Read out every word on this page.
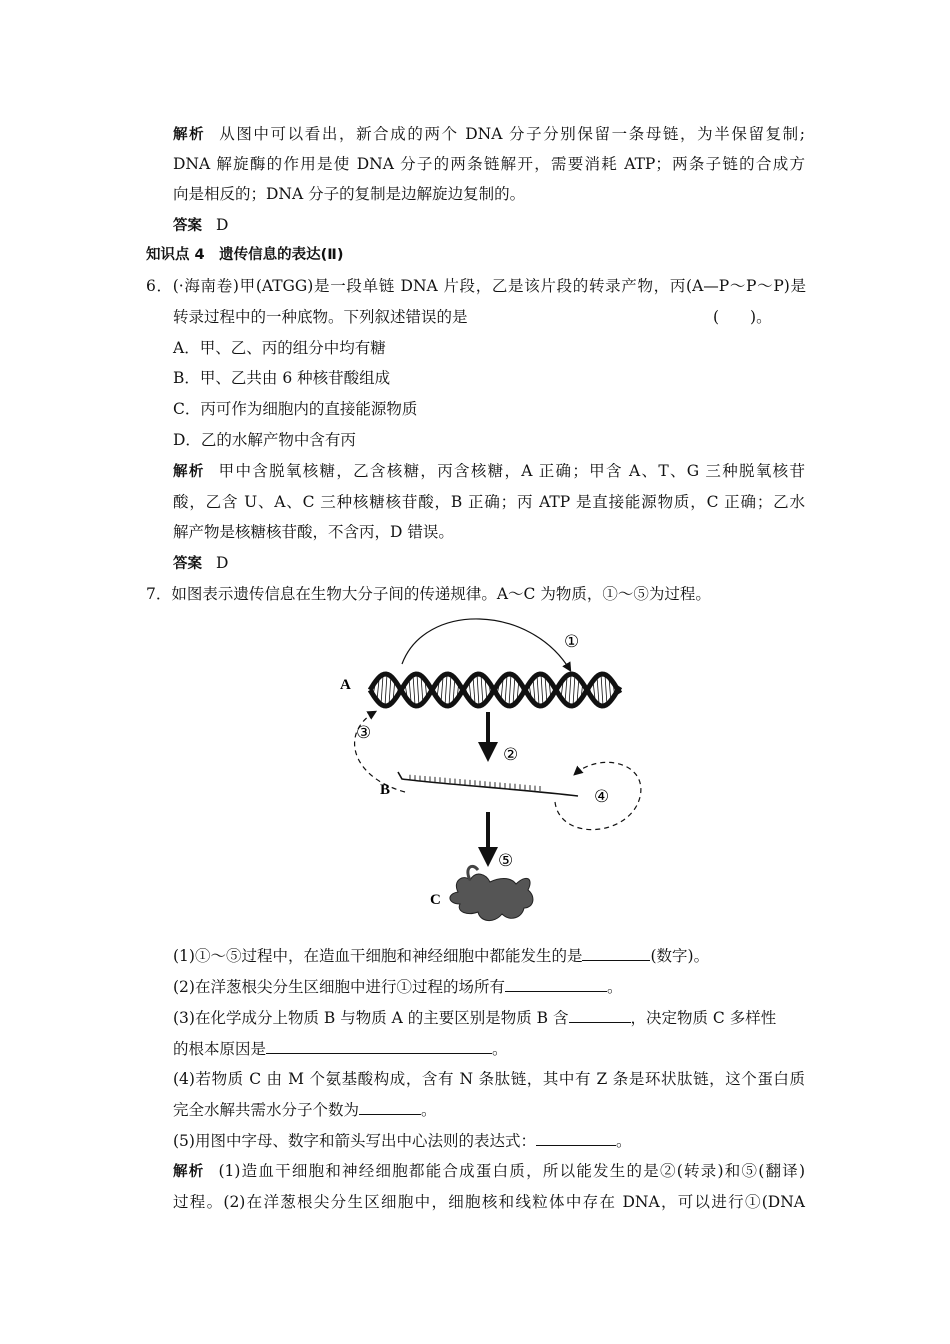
解析 从图中可以看出，新合成的两个 DNA 分子分别保留一条母链，为半保留复制;
DNA 解旋酶的作用是使 DNA 分子的两条链解开，需要消耗 ATP；两条子链的合成方
向是相反的；DNA 分子的复制是边解旋边复制的。
答案 D
知识点 4　遗传信息的表达(Ⅱ)
6．(·海南卷)甲(ATGG)是一段单链 DNA 片段，乙是该片段的转录产物，丙(A—P～P～P)是
转录过程中的一种底物。下列叙述错误的是	(　　)。
A．甲、乙、丙的组分中均有糖
B．甲、乙共由 6 种核苷酸组成
C．丙可作为细胞内的直接能源物质
D．乙的水解产物中含有丙
解析 甲中含脱氧核糖，乙含核糖，丙含核糖，A 正确；甲含 A、T、G 三种脱氧核苷
酸，乙含 U、A、C 三种核糖核苷酸，B 正确；丙 ATP 是直接能源物质，C 正确；乙水
解产物是核糖核苷酸，不含丙，D 错误。
答案 D
7．如图表示遗传信息在生物大分子间的传递规律。A～C 为物质，①～⑤为过程。
①
A
③
②
B	④
⑤
C
(1)①～⑤过程中，在造血干细胞和神经细胞中都能发生的是	(数字)。
(2)在洋葱根尖分生区细胞中进行①过程的场所有	。
(3)在化学成分上物质 B 与物质 A 的主要区别是物质 B 含	，决定物质 C 多样性
的根本原因是	。
(4)若物质 C 由 M 个氨基酸构成，含有 N 条肽链，其中有 Z 条是环状肽链，这个蛋白质
完全水解共需水分子个数为	。
(5)用图中字母、数字和箭头写出中心法则的表达式：	。
解析 (1)造血干细胞和神经细胞都能合成蛋白质，所以能发生的是②(转录)和⑤(翻译)
过程。(2)在洋葱根尖分生区细胞中，细胞核和线粒体中存在 DNA，可以进行①(DNA
